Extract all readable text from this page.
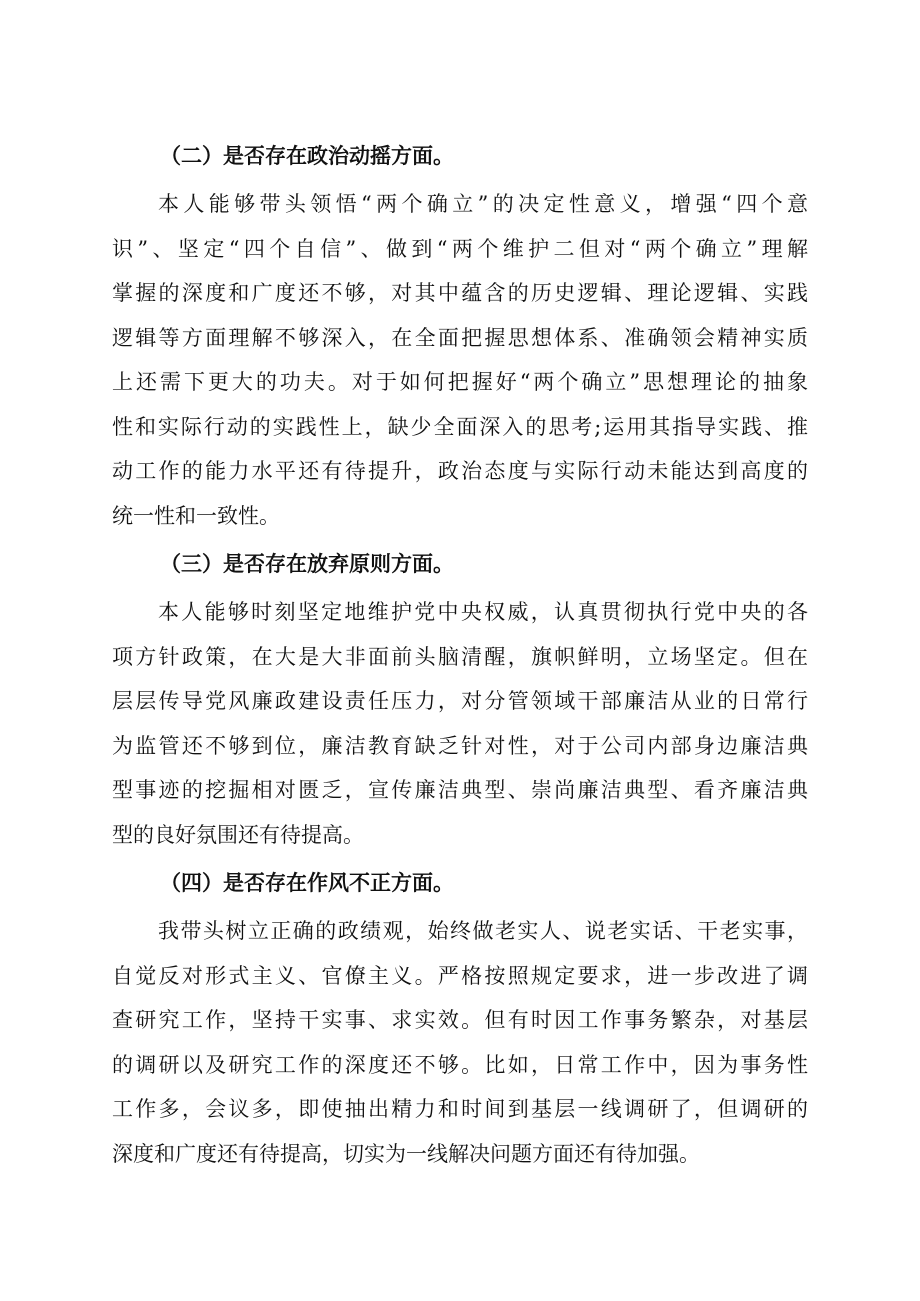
（二）是否存在政治动摇方面。

本人能够带头领悟“两个确立”的决定性意义，增强“四个意
识”、坚定“四个自信”、做到“两个维护二但对“两个确立”理解
掌握的深度和广度还不够，对其中蕴含的历史逻辑、理论逻辑、实践
逻辑等方面理解不够深入，在全面把握思想体系、准确领会精神实质
上还需下更大的功夫。对于如何把握好“两个确立”思想理论的抽象
性和实际行动的实践性上，缺少全面深入的思考;运用其指导实践、推
动工作的能力水平还有待提升，政治态度与实际行动未能达到高度的
统一性和一致性。

（三）是否存在放弃原则方面。

本人能够时刻坚定地维护党中央权威，认真贯彻执行党中央的各
项方针政策，在大是大非面前头脑清醒，旗帜鲜明，立场坚定。但在
层层传导党风廉政建设责任压力，对分管领域干部廉洁从业的日常行
为监管还不够到位，廉洁教育缺乏针对性，对于公司内部身边廉洁典
型事迹的挖掘相对匮乏，宣传廉洁典型、崇尚廉洁典型、看齐廉洁典
型的良好氛围还有待提高。

（四）是否存在作风不正方面。

我带头树立正确的政绩观，始终做老实人、说老实话、干老实事，
自觉反对形式主义、官僚主义。严格按照规定要求，进一步改进了调
查研究工作，坚持干实事、求实效。但有时因工作事务繁杂，对基层
的调研以及研究工作的深度还不够。比如，日常工作中，因为事务性
工作多，会议多，即使抽出精力和时间到基层一线调研了，但调研的
深度和广度还有待提高，切实为一线解决问题方面还有待加强。
